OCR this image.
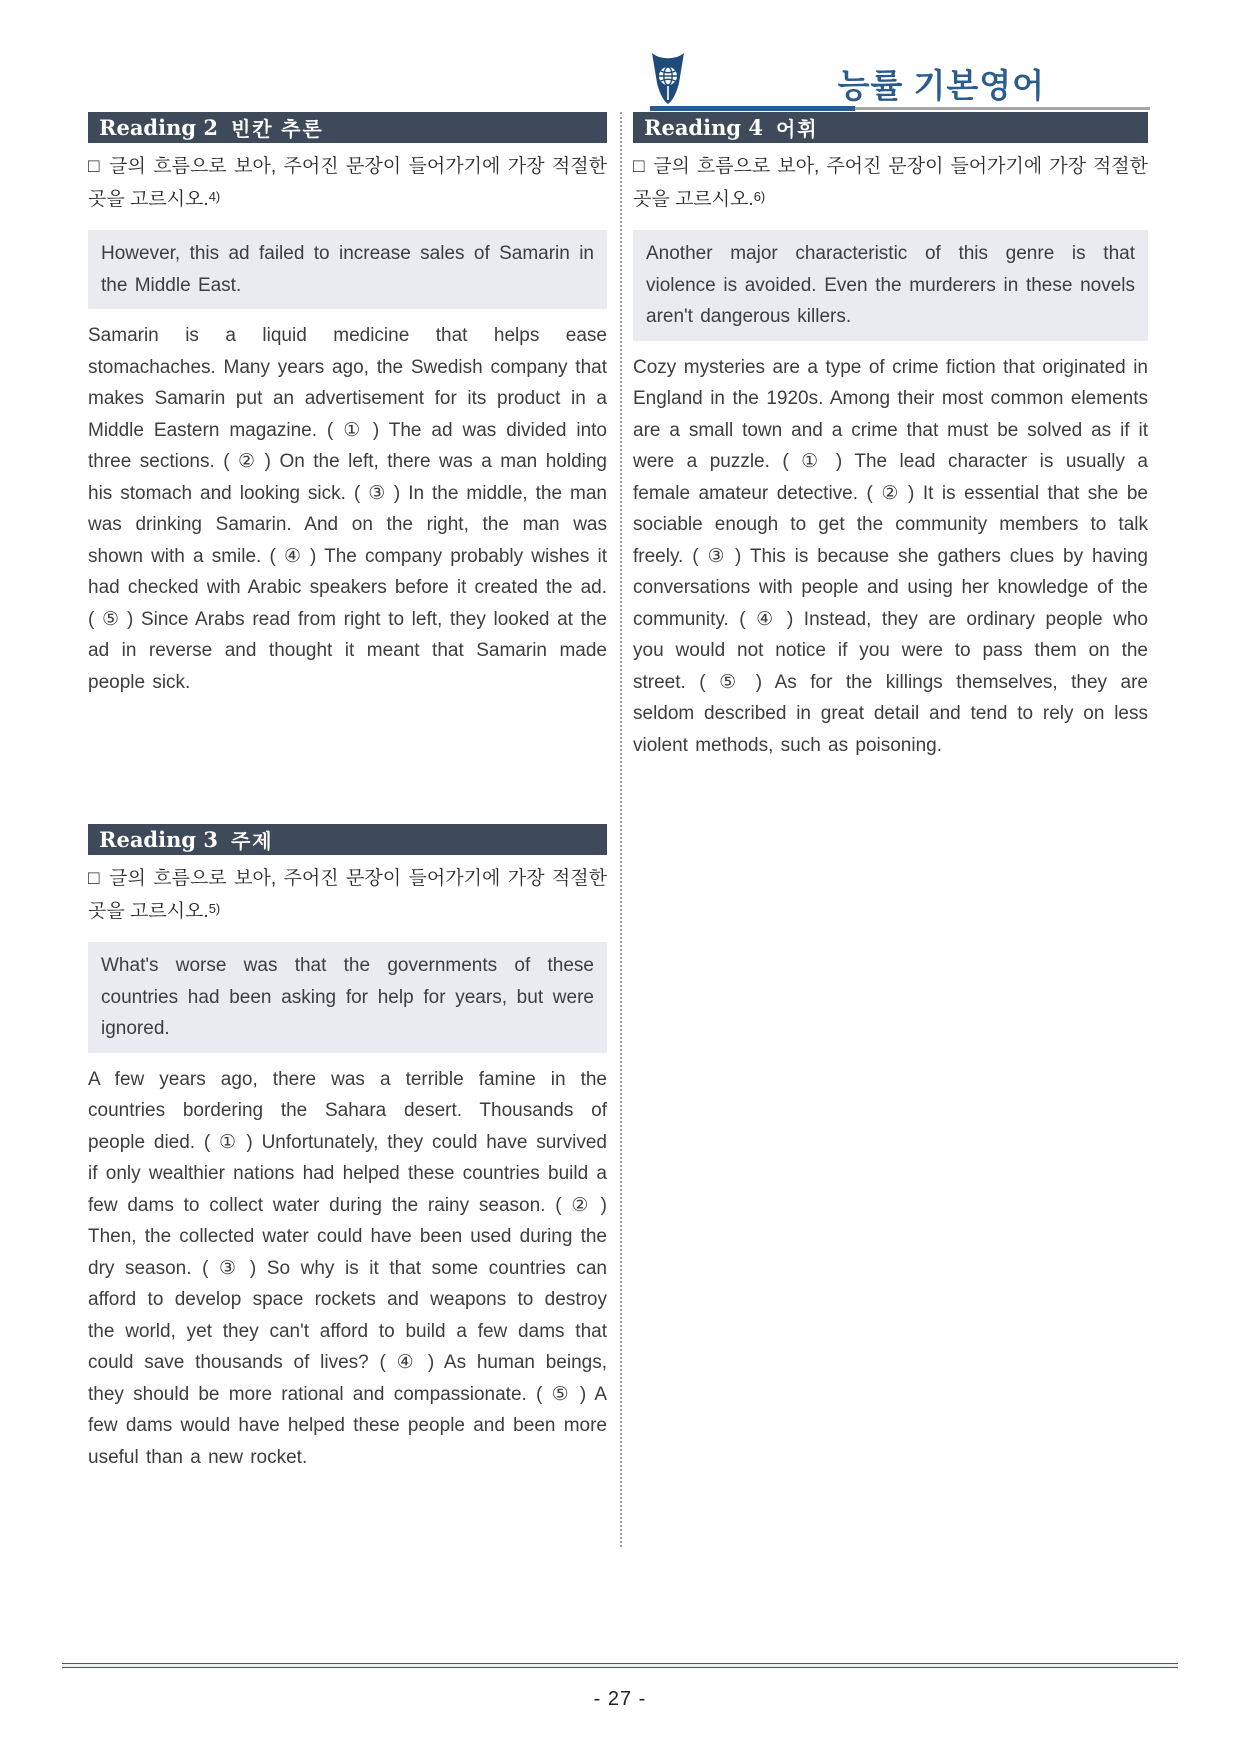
능률 기본영어
Reading 2 빈칸 추론
□ 글의 흐름으로 보아, 주어진 문장이 들어가기에 가장 적절한 곳을 고르시오.$^{4)}$
However, this ad failed to increase sales of Samarin in the Middle East.
Samarin is a liquid medicine that helps ease stomachaches. Many years ago, the Swedish company that makes Samarin put an advertisement for its product in a Middle Eastern magazine. ( ① ) The ad was divided into three sections. ( ② ) On the left, there was a man holding his stomach and looking sick. ( ③ ) In the middle, the man was drinking Samarin. And on the right, the man was shown with a smile. ( ④ ) The company probably wishes it had checked with Arabic speakers before it created the ad. ( ⑤ ) Since Arabs read from right to left, they looked at the ad in reverse and thought it meant that Samarin made people sick.
Reading 3 주제
□ 글의 흐름으로 보아, 주어진 문장이 들어가기에 가장 적절한 곳을 고르시오.$^{5)}$
What's worse was that the governments of these countries had been asking for help for years, but were ignored.
A few years ago, there was a terrible famine in the countries bordering the Sahara desert. Thousands of people died. ( ① ) Unfortunately, they could have survived if only wealthier nations had helped these countries build a few dams to collect water during the rainy season. ( ② ) Then, the collected water could have been used during the dry season. ( ③ ) So why is it that some countries can afford to develop space rockets and weapons to destroy the world, yet they can't afford to build a few dams that could save thousands of lives? ( ④ ) As human beings, they should be more rational and compassionate. ( ⑤ ) A few dams would have helped these people and been more useful than a new rocket.
Reading 4 어휘
□ 글의 흐름으로 보아, 주어진 문장이 들어가기에 가장 적절한 곳을 고르시오.$^{6)}$
Another major characteristic of this genre is that violence is avoided. Even the murderers in these novels aren't dangerous killers.
Cozy mysteries are a type of crime fiction that originated in England in the 1920s. Among their most common elements are a small town and a crime that must be solved as if it were a puzzle. ( ① ) The lead character is usually a female amateur detective. ( ② ) It is essential that she be sociable enough to get the community members to talk freely. ( ③ ) This is because she gathers clues by having conversations with people and using her knowledge of the community. ( ④ ) Instead, they are ordinary people who you would not notice if you were to pass them on the street. ( ⑤ ) As for the killings themselves, they are seldom described in great detail and tend to rely on less violent methods, such as poisoning.
- 27 -
